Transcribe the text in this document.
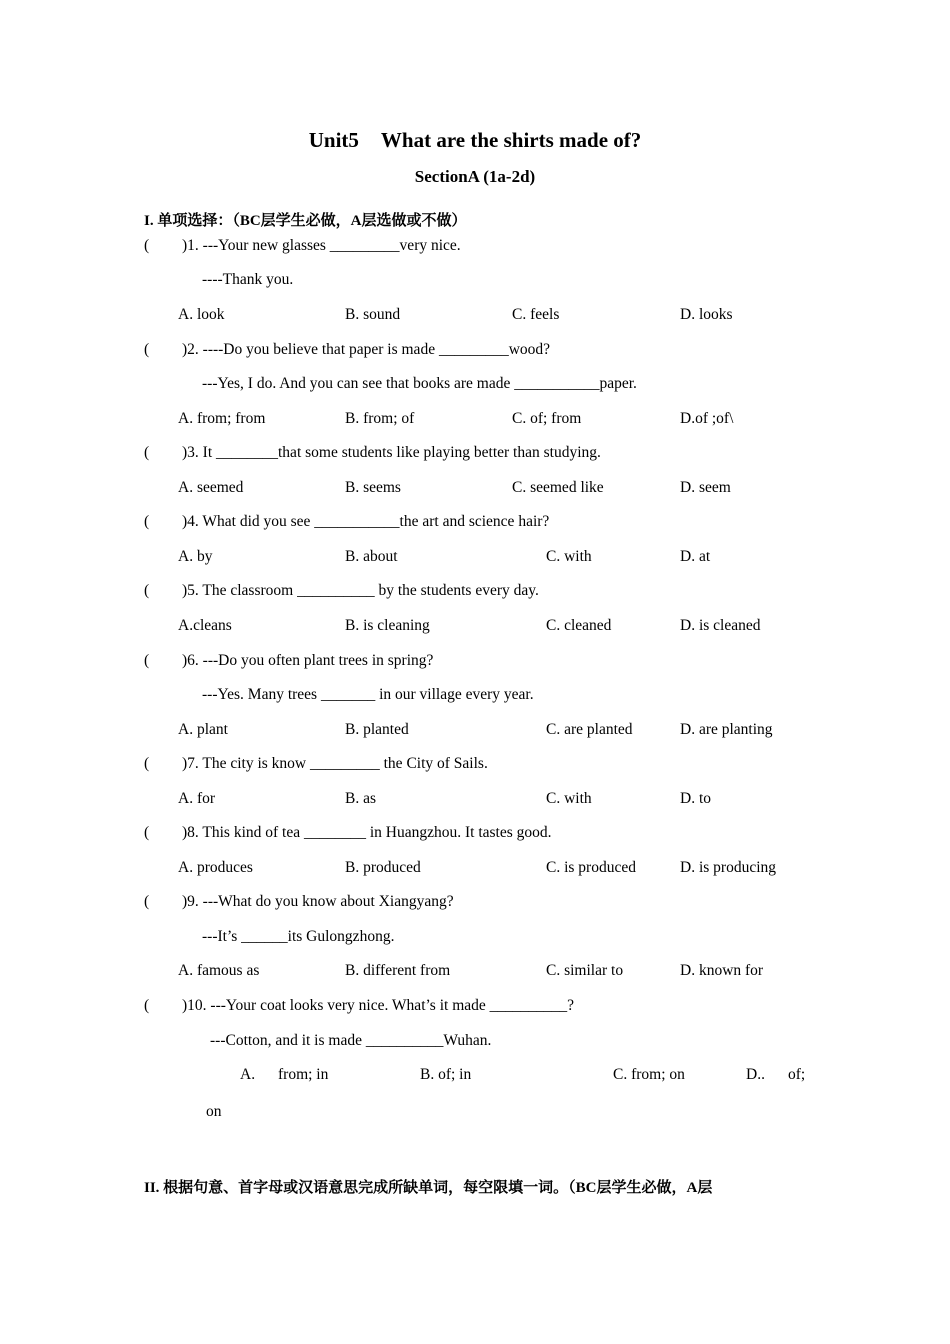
Unit5 What are the shirts made of?
SectionA (1a-2d)
I. 单项选择：（BC层学生必做，A层选做或不做）
( )1. ---Your new glasses _________very nice.
----Thank you.
A. look	B. sound	C. feels	D. looks
( )2. ----Do you believe that paper is made _________wood?
---Yes, I do. And you can see that books are made ___________paper.
A. from; from	B. from; of	C. of; from	D.of ;of\
( )3. It ________that some students like playing better than studying.
A. seemed	B. seems	C. seemed like	D. seem
( )4. What did you see ___________the art and science hair?
A. by	B. about	C. with	D. at
( )5. The classroom __________ by the students every day.
A.cleans	B. is cleaning	C. cleaned	D. is cleaned
( )6. ---Do you often plant trees in spring?
---Yes. Many trees _______ in our village every year.
A. plant	B. planted	C. are planted	D. are planting
( )7. The city is know _________ the City of Sails.
A. for	B. as	C. with	D. to
( )8. This kind of tea ________ in Huangzhou. It tastes good.
A. produces	B. produced	C. is produced	D. is producing
( )9. ---What do you know about Xiangyang?
---It’s ______its Gulongzhong.
A. famous as	B. different from	C. similar to	D. known for
( )10. ---Your coat looks very nice. What’s it made __________?
---Cotton, and it is made __________Wuhan.
A. from; in	B. of; in	C. from; on	D.. of;
on
II. 根据句意、首字母或汉语意思完成所缺单词，每空限填一词。（BC层学生必做，A层
